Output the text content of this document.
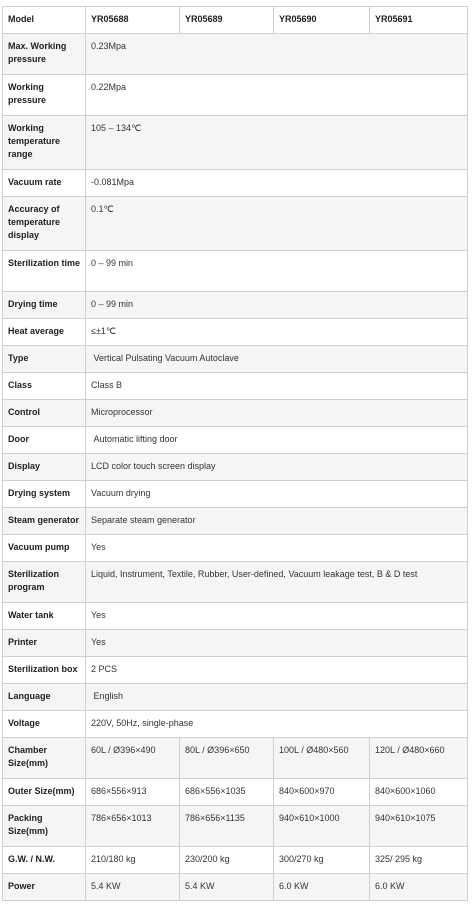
Model	YR05688	YR05689	YR05690	YR05691
Max. Working pressure	0.23Mpa			
Working pressure	0.22Mpa			
Working temperature range	105 – 134℃			
Vacuum rate	-0.081Mpa			
Accuracy of temperature display	0.1℃			
Sterilization time	0 – 99 min			
Drying time	0 – 99 min			
Heat average	≤±1℃			
Type	Vertical Pulsating Vacuum Autoclave			
Class	Class B			
Control	Microprocessor			
Door	Automatic lifting door			
Display	LCD color touch screen display			
Drying system	Vacuum drying			
Steam generator	Separate steam generator			
Vacuum pump	Yes			
Sterilization program	Liquid, Instrument, Textile, Rubber, User-defined, Vacuum leakage test, B & D test			
Water tank	Yes			
Printer	Yes			
Sterilization box	2 PCS			
Language	English			
Voltage	220V, 50Hz, single-phase			
Chamber Size(mm)	60L / Ø396×490	80L / Ø396×650	100L / Ø480×560	120L / Ø480×660
Outer Size(mm)	686×556×913	686×556×1035	840×600×970	840×600×1060
Packing Size(mm)	786×656×1013	786×656×1135	940×610×1000	940×610×1075
G.W. / N.W.	210/180 kg	230/200 kg	300/270 kg	325/ 295 kg
Power	5.4 KW	5.4 KW	6.0 KW	6.0 KW
